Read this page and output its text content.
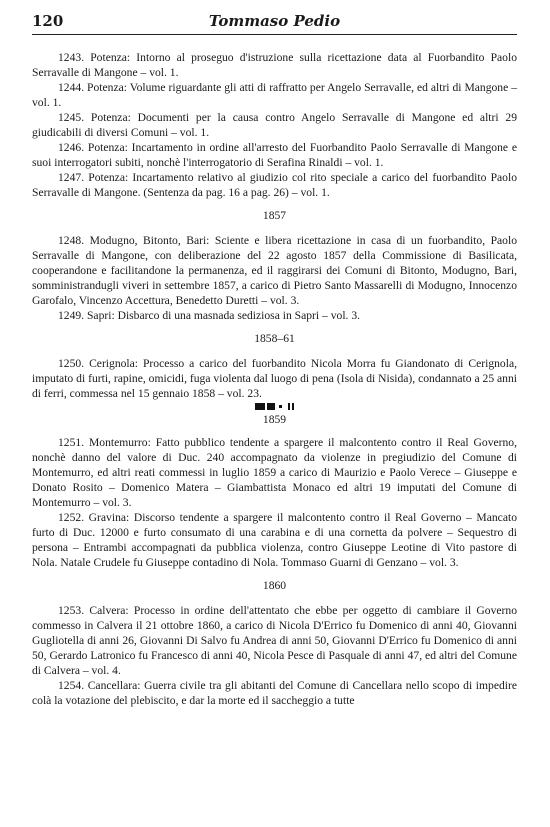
120	Tommaso Pedio

1243. Potenza: Intorno al proseguo d'istruzione sulla ricettazione data al Fuorbandito Paolo Serravalle di Mangone – vol. 1.

1244. Potenza: Volume riguardante gli atti di raffratto per Angelo Serravalle, ed altri di Mangone – vol. 1.

1245. Potenza: Documenti per la causa contro Angelo Serravalle di Mangone ed altri 29 giudicabili di diversi Comuni – vol. 1.

1246. Potenza: Incartamento in ordine all'arresto del Fuorbandito Paolo Serravalle di Mangone e suoi interrogatori subiti, nonchè l'interrogatorio di Serafina Rinaldi – vol. 1.

1247. Potenza: Incartamento relativo al giudizio col rito speciale a carico del fuorbandito Paolo Serravalle di Mangone. (Sentenza da pag. 16 a pag. 26) – vol. 1.

1857

1248. Modugno, Bitonto, Bari: Sciente e libera ricettazione in casa di un fuorbandito, Paolo Serravalle di Mangone, con deliberazione del 22 agosto 1857 della Commissione di Basilicata, cooperandone e facilitandone la permanenza, ed il raggirarsi dei Comuni di Bitonto, Modugno, Bari, somministrandugli viveri in settembre 1857, a carico di Pietro Santo Massarelli di Modugno, Innocenzo Garofalo, Vincenzo Accettura, Benedetto Duretti – vol. 3.

1249. Sapri: Disbarco di una masnada sediziosa in Sapri – vol. 3.

1858–61

1250. Cerignola: Processo a carico del fuorbandito Nicola Morra fu Giandonato di Cerignola, imputato di furti, rapine, omicidi, fuga violenta dal luogo di pena (Isola di Nisida), condannato a 25 anni di ferri, commessa nel 15 gennaio 1858 – vol. 23.

1859

1251. Montemurro: Fatto pubblico tendente a spargere il malcontento contro il Real Governo, nonchè danno del valore di Duc. 240 accompagnato da violenze in pregiudizio del Comune di Montemurro, ed altri reati commessi in luglio 1859 a carico di Maurizio e Paolo Verece – Giuseppe e Donato Rosito – Domenico Matera – Giambattista Monaco ed altri 19 imputati del Comune di Montemurro – vol. 3.

1252. Gravina: Discorso tendente a spargere il malcontento contro il Real Governo – Mancato furto di Duc. 12000 e furto consumato di una carabina e di una cornetta da polvere – Sequestro di persona – Entrambi accompagnati da pubblica violenza, contro Giuseppe Leotine di Vito pastore di Nola. Natale Crudele fu Giuseppe contadino di Nola. Tommaso Guarni di Genzano – vol. 3.

1860

1253. Calvera: Processo in ordine dell'attentato che ebbe per oggetto di cambiare il Governo commesso in Calvera il 21 ottobre 1860, a carico di Nicola D'Errico fu Domenico di anni 40, Giovanni Gugliotella di anni 26, Giovanni Di Salvo fu Andrea di anni 50, Giovanni D'Errico fu Domenico di anni 50, Gerardo Latronico fu Francesco di anni 40, Nicola Pesce di Pasquale di anni 47, ed altri del Comune di Calvera – vol. 4.

1254. Cancellara: Guerra civile tra gli abitanti del Comune di Cancellara nello scopo di impedire colà la votazione del plebiscito, e dar la morte ed il saccheggio a tutte
